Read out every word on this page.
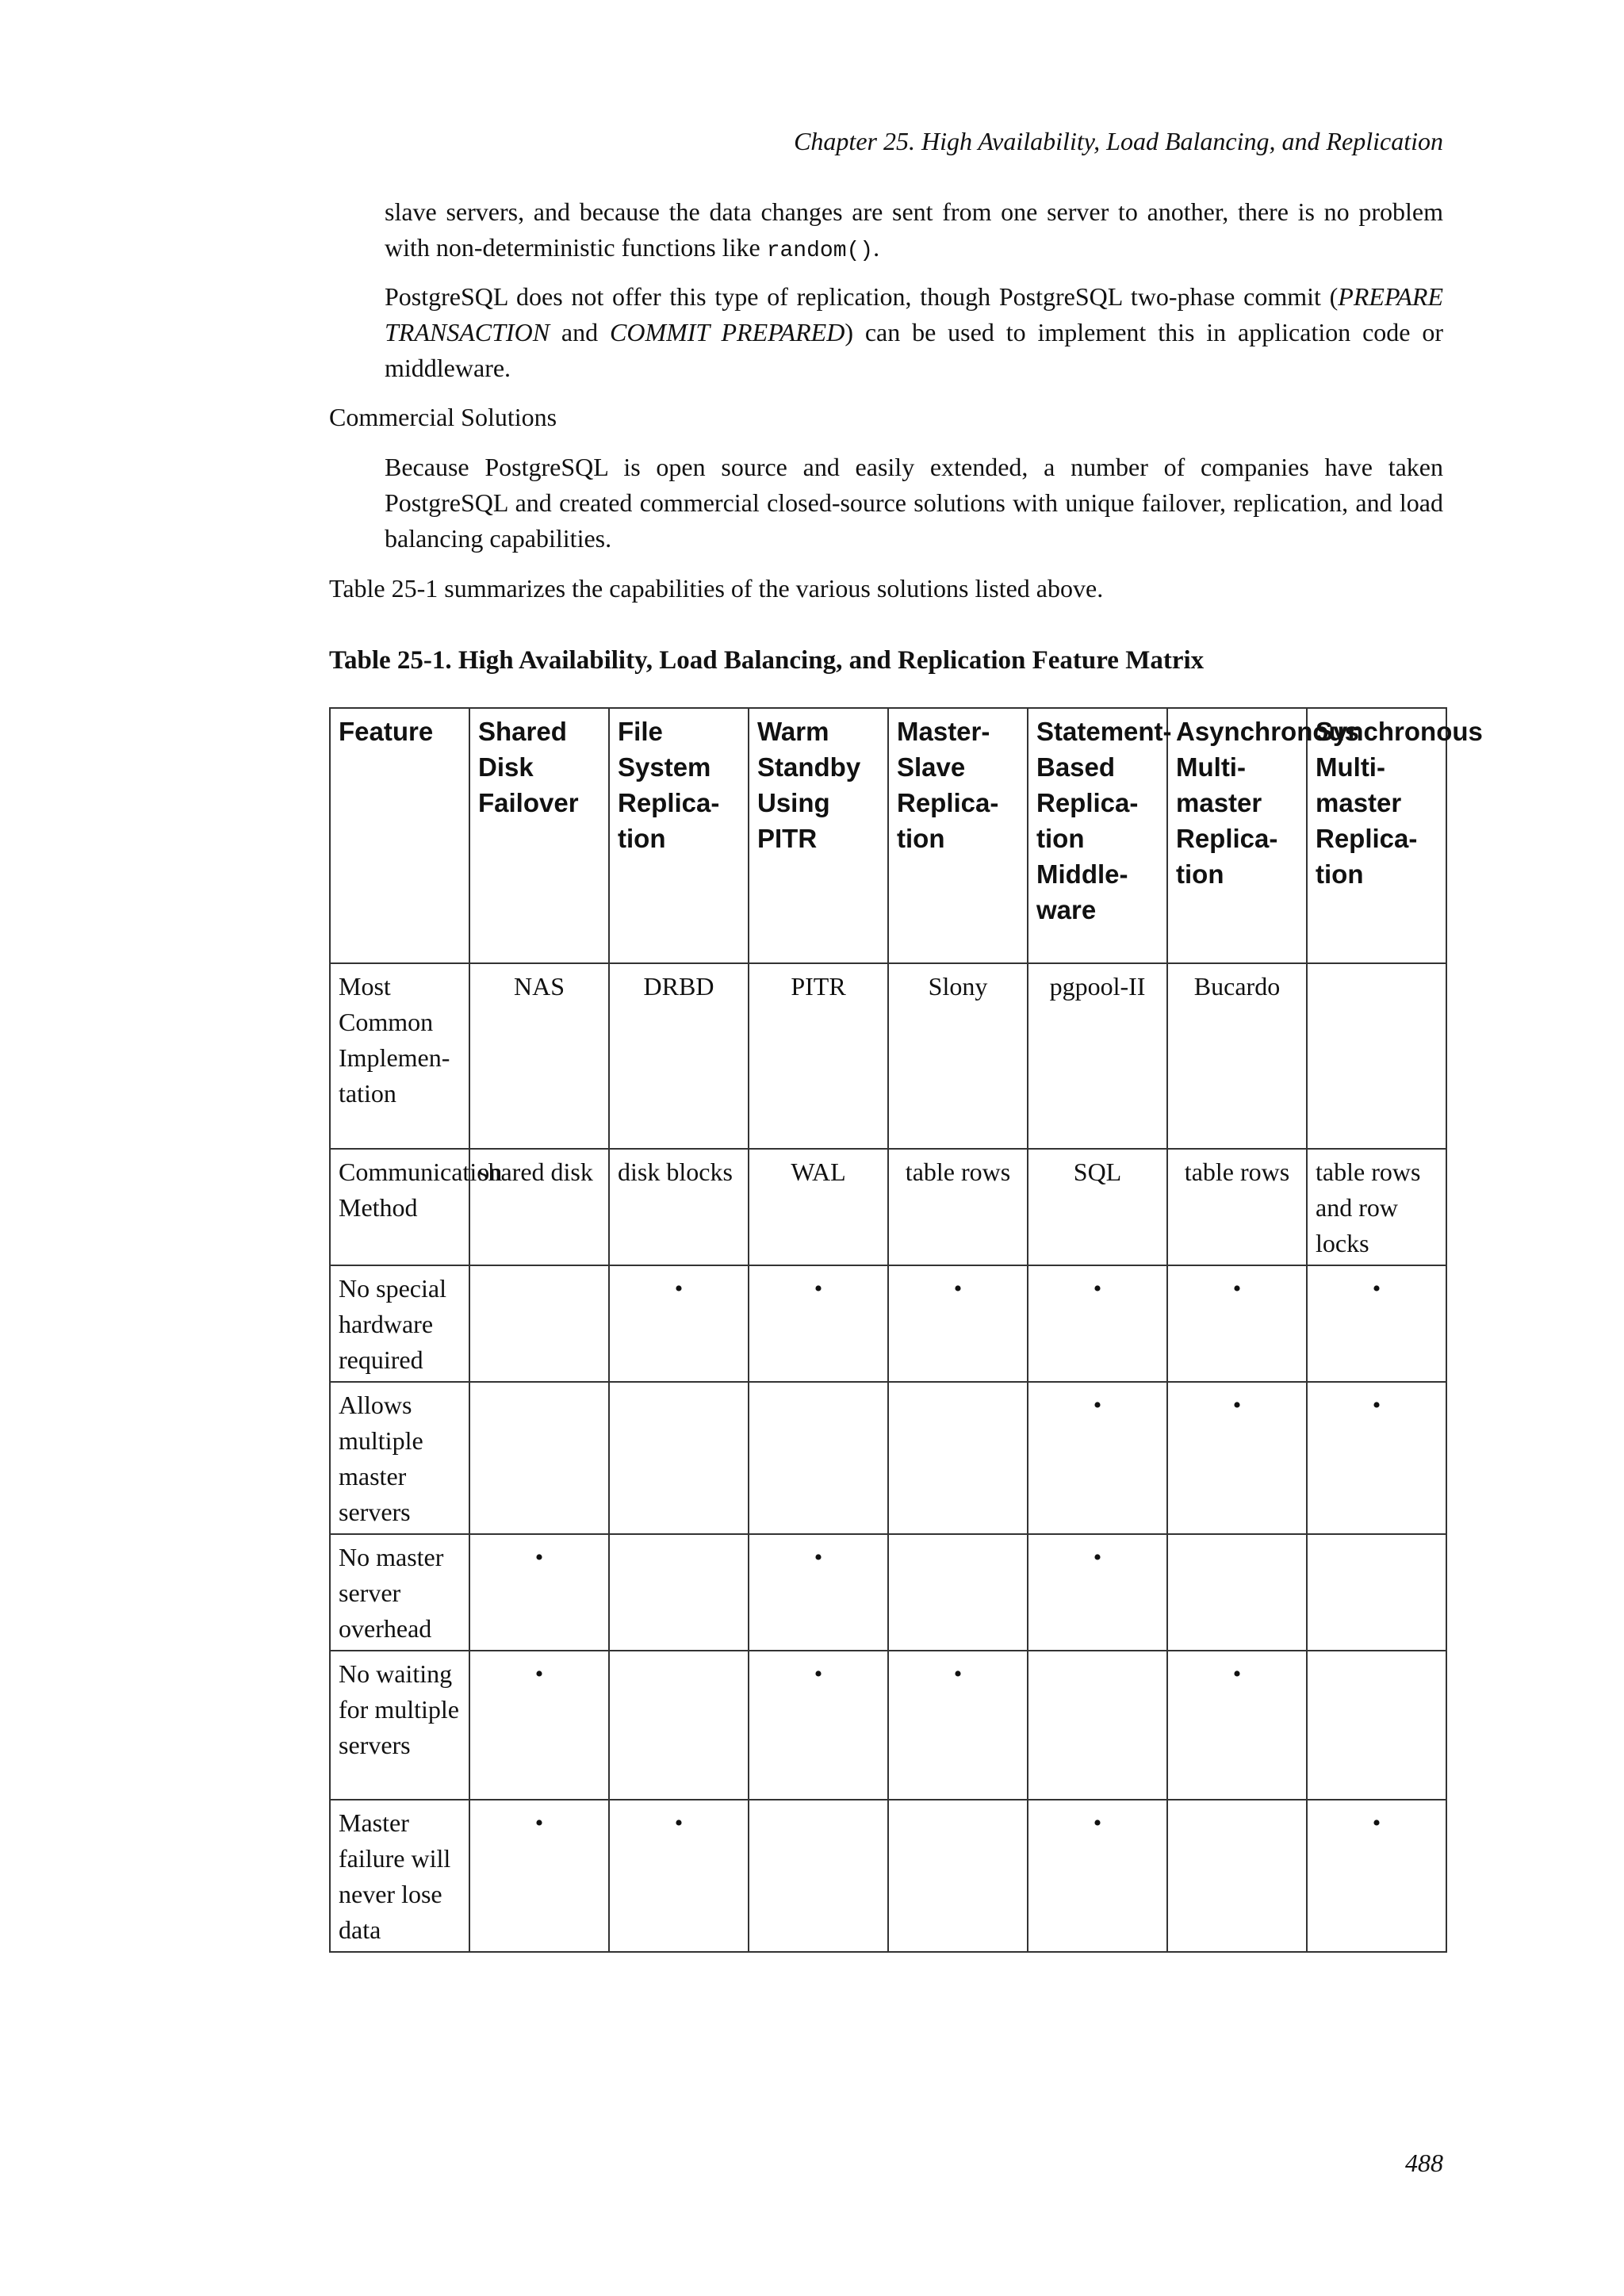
Chapter 25. High Availability, Load Balancing, and Replication
slave servers, and because the data changes are sent from one server to another, there is no problem with non-deterministic functions like random().
PostgreSQL does not offer this type of replication, though PostgreSQL two-phase commit (PREPARE TRANSACTION and COMMIT PREPARED) can be used to implement this in application code or middleware.
Commercial Solutions
Because PostgreSQL is open source and easily extended, a number of companies have taken PostgreSQL and created commercial closed-source solutions with unique failover, replication, and load balancing capabilities.
Table 25-1 summarizes the capabilities of the various solutions listed above.
Table 25-1. High Availability, Load Balancing, and Replication Feature Matrix
Feature	Shared Disk Failover	File System Replica-tion	Warm Standby Using PITR	Master-Slave Replica-tion	Statement-Based Replica-tion Middle-ware	Asynchronous Multi-master Replica-tion	Synchronous Multi-master Replica-tion
Most Common Implemen-tation	NAS	DRBD	PITR	Slony	pgpool-II	Bucardo	
Communication Method	shared disk	disk blocks	WAL	table rows	SQL	table rows	table rows and row locks
No special hardware required		•	•	•	•	•	•
Allows multiple master servers					•	•	•
No master server overhead	•		•		•		
No waiting for multiple servers	•		•	•		•	
Master failure will never lose data	•	•			•		•
488
